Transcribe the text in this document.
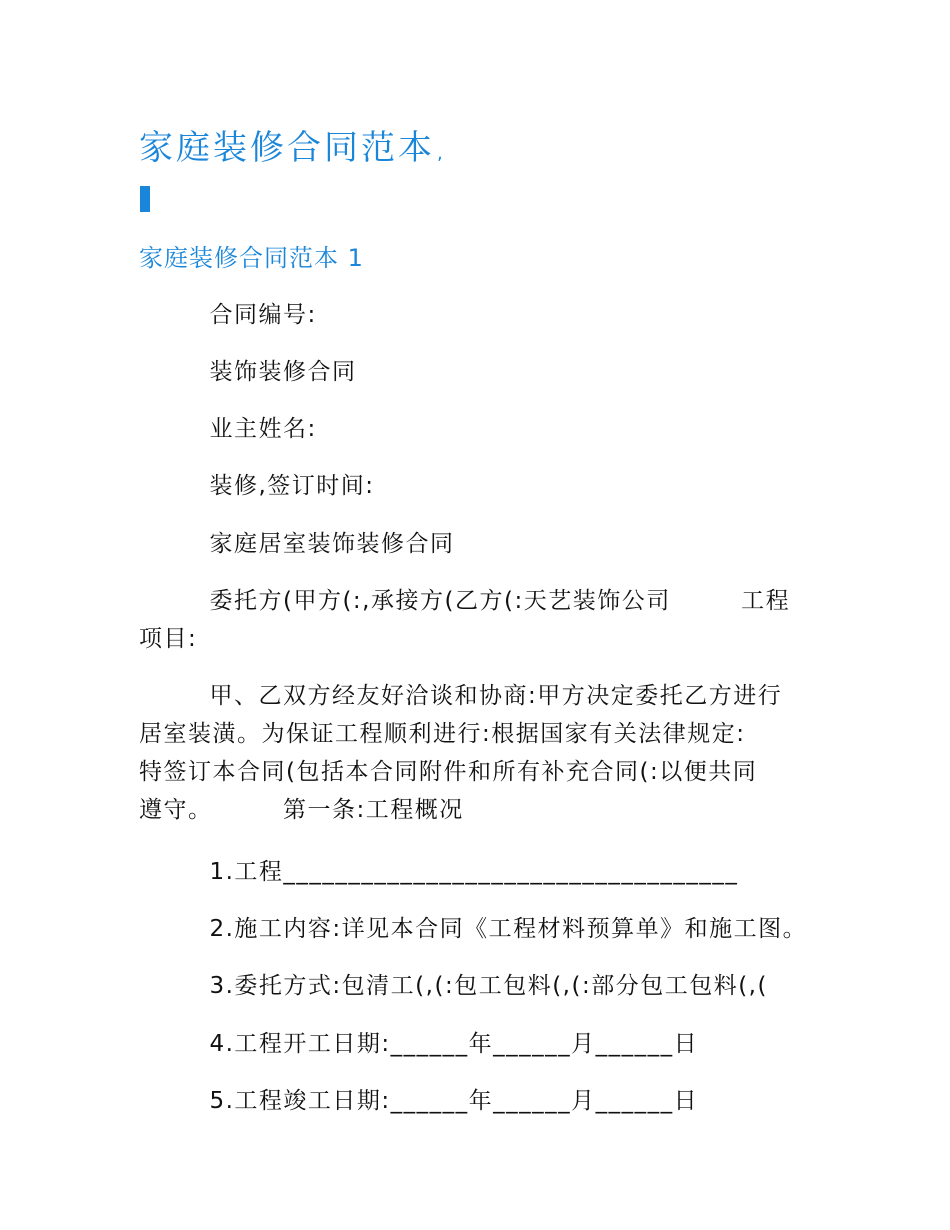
家庭装修合同范本 ,
家庭装修合同范本 1
合同编号:
装饰装修合同
业主姓名:
装修,签订时间:
家庭居室装饰装修合同
委托方(甲方(:,承接方(乙方(:天艺装饰公司        工程
项目:
甲、乙双方经友好洽谈和协商:甲方决定委托乙方进行
居室装潢。为保证工程顺利进行:根据国家有关法律规定:
特签订本合同(包括本合同附件和所有补充合同(:以便共同
遵守。        第一条:工程概况
1.工程___________________________________
2.施工内容:详见本合同《工程材料预算单》和施工图。
3.委托方式:包清工(,(:包工包料(,(:部分包工包料(,(
4.工程开工日期:______年______月______日
5.工程竣工日期:______年______月______日
